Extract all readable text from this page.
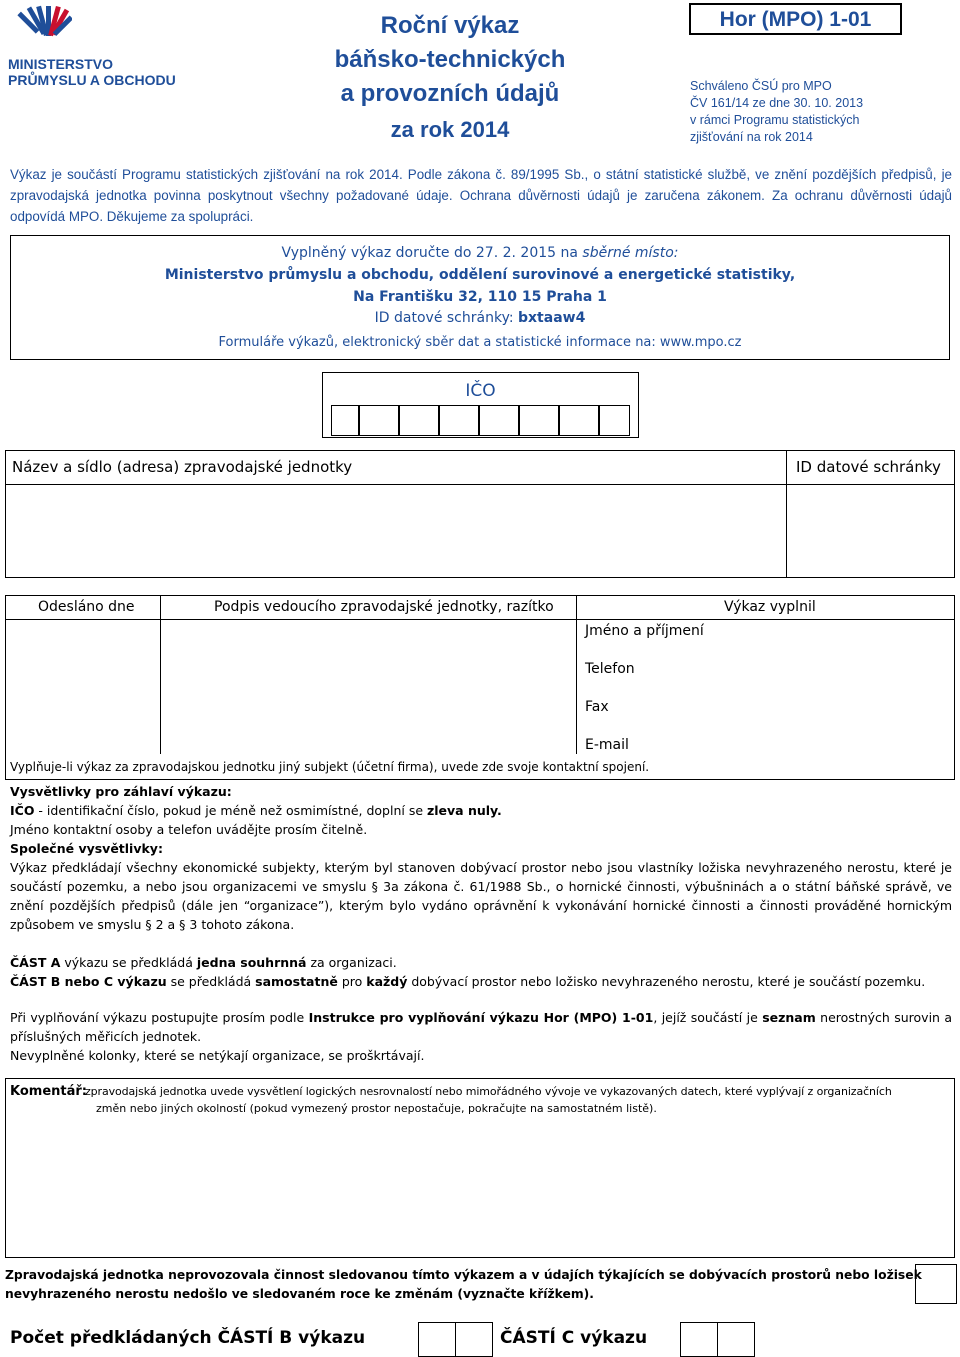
MINISTERSTVO
PRŮMYSLU A OBCHODU
Roční výkaz
báňsko-technických
a provozních údajů
za rok 2014
Hor (MPO) 1-01
Schváleno ČSÚ pro MPO
ČV 161/14 ze dne 30. 10. 2013
v rámci Programu statistických
zjišťování na rok 2014
Výkaz je součástí Programu statistických zjišťování na rok 2014. Podle zákona č. 89/1995 Sb., o státní statistické službě, ve znění pozdějších předpisů, je zpravodajská jednotka povinna poskytnout všechny požadované údaje. Ochrana důvěrnosti údajů je zaručena zákonem. Za ochranu důvěrnosti údajů odpovídá MPO. Děkujeme za spolupráci.
Vyplněný výkaz doručte do 27. 2. 2015 na sběrné místo:
Ministerstvo průmyslu a obchodu, oddělení surovinové a energetické statistiky,
Na Františku 32, 110 15 Praha 1
ID datové schránky: bxtaaw4
Formuláře výkazů, elektronický sběr dat a statistické informace na: www.mpo.cz
IČO
Název a sídlo (adresa) zpravodajské jednotky	ID datové schránky
Odesláno dne	Podpis vedoucího zpravodajské jednotky, razítko	Výkaz vyplnil
Jméno a příjmení
Telefon
Fax
E-mail
Vyplňuje-li výkaz za zpravodajskou jednotku jiný subjekt (účetní firma), uvede zde svoje kontaktní spojení.
Vysvětlivky pro záhlaví výkazu:
IČO - identifikační číslo, pokud je méně než osmimístné, doplní se zleva nuly.
Jméno kontaktní osoby a telefon uvádějte prosím čitelně.
Společné vysvětlivky:
Výkaz předkládají všechny ekonomické subjekty, kterým byl stanoven dobývací prostor nebo jsou vlastníky ložiska nevyhrazeného nerostu, které je součástí pozemku, a nebo jsou organizacemi ve smyslu § 3a zákona č. 61/1988 Sb., o hornické činnosti, výbušninách a o státní báňské správě, ve znění pozdějších předpisů (dále jen “organizace”), kterým bylo vydáno oprávnění k vykonávání hornické činnosti a činnosti prováděné hornickým způsobem ve smyslu § 2 a § 3 tohoto zákona.
ČÁST A výkazu se předkládá jedna souhrnná za organizaci.
ČÁST B nebo C výkazu se předkládá samostatně pro každý dobývací prostor nebo ložisko nevyhrazeného nerostu, které je součástí pozemku.
Při vyplňování výkazu postupujte prosím podle Instrukce pro vyplňování výkazu Hor (MPO) 1-01, jejíž součástí je seznam nerostných surovin a příslušných měřicích jednotek.
Nevyplněné kolonky, které se netýkají organizace, se proškrtávají.
Komentář:
zpravodajská jednotka uvede vysvětlení logických nesrovnalostí nebo mimořádného vývoje ve vykazovaných datech, které vyplývají z organizačních
změn nebo jiných okolností (pokud vymezený prostor nepostačuje, pokračujte na samostatném listě).
Zpravodajská jednotka neprovozovala činnost sledovanou tímto výkazem a v údajích týkajících se dobývacích prostorů nebo ložisek
nevyhrazeného nerostu nedošlo ve sledovaném roce ke změnám (vyznačte křížkem).
Počet předkládaných ČÁSTÍ B výkazu	ČÁSTÍ C výkazu
